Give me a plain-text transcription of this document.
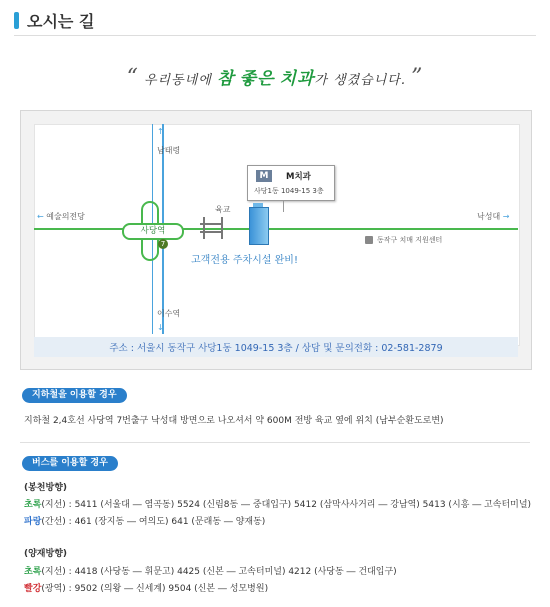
오시는 길
“ 우리동네에 참 좋은 치과가 생겼습니다. ”
사당역
7
↑
남태령
이수역
↓
← 예술의전당	낙성대 →
육교
M	M치과
사당1동 1049-15 3층
고객전용 주차시설 완비!
동작구 치매 지원센터
주소 : 서울시 동작구 사당1동 1049-15 3층 / 상담 및 문의전화 : 02-581-2879
지하철을 이용할 경우
지하철 2,4호선 사당역 7번출구 낙성대 방면으로 나오셔서 약 600M 전방 육교 옆에 위치 (남부순환도로변)
버스를 이용할 경우
(봉천방향)
초록(지선) : 5411 (서울대 ― 염곡동) 5524 (신림8동 ― 중대입구) 5412 (삼막사사거리 ― 강남역) 5413 (시흥 ― 고속터미널)
파랑(간선) : 461 (장지동 ― 여의도) 641 (문래동 ― 양재동)
(양재방향)
초록(지선) : 4418 (사당동 ― 휘문고) 4425 (신본 ― 고속터미널) 4212 (사당동 ― 건대입구)
빨강(광역) : 9502 (의왕 ― 신세계) 9504 (신본 ― 성모병원)
